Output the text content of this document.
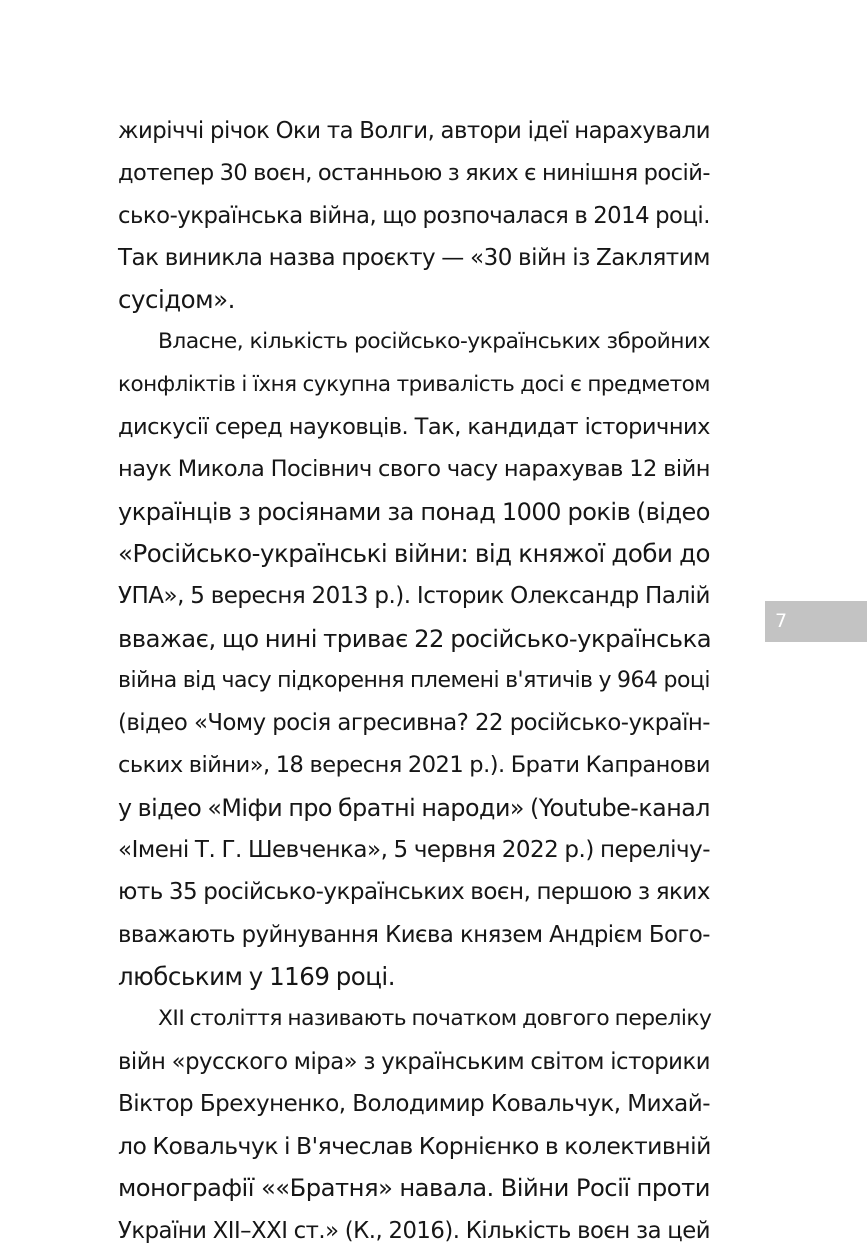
жиріччі річок Оки та Волги, автори ідеї нарахували
дотепер 30 воєн, останньою з яких є нинішня росій-
сько-українська війна, що розпочалася в 2014 році.
Так виникла назва проєкту — «30 війн із Zаклятим
сусідом».
Власне, кількість російсько-українських збройних
конфліктів і їхня сукупна тривалість досі є предметом
дискусії серед науковців. Так, кандидат історичних
наук Микола Посівнич свого часу нарахував 12 війн
українців з росіянами за понад 1000 років (відео
«Російсько-українські війни: від княжої доби до
УПА», 5 вересня 2013 р.). Історик Олександр Палій
вважає, що нині триває 22 російсько-українська
війна від часу підкорення племені в'ятичів у 964 році
(відео «Чому росія агресивна? 22 російсько-україн-
ських війни», 18 вересня 2021 р.). Брати Капранови
у відео «Міфи про братні народи» (Youtube-канал
«Імені Т. Г. Шевченка», 5 червня 2022 р.) перелічу-
ють 35 російсько-українських воєн, першою з яких
вважають руйнування Києва князем Андрієм Бого-
любським у 1169 році.
XII століття називають початком довгого переліку
війн «русского міра» з українським світом історики
Віктор Брехуненко, Володимир Ковальчук, Михай-
ло Ковальчук і В'ячеслав Корнієнко в колективній
монографії ««Братня» навала. Війни Росії проти
України XII–XXI ст.» (К., 2016). Кількість воєн за цей
7
